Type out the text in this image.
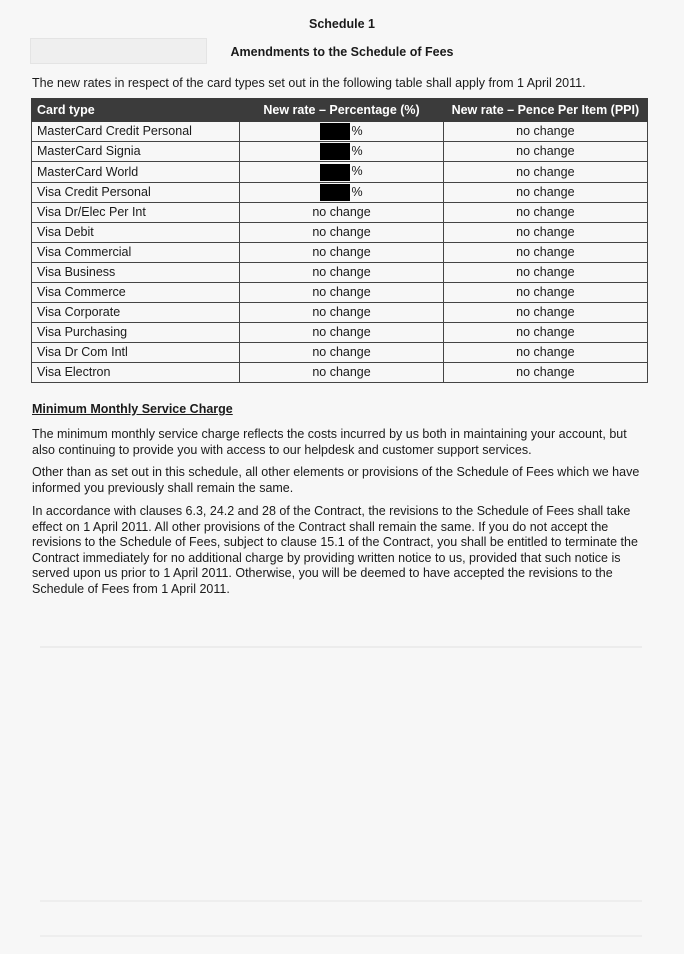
Schedule 1
Amendments to the Schedule of Fees
The new rates in respect of the card types set out in the following table shall apply from 1 April 2011.
Card type	New rate – Percentage (%)	New rate – Pence Per Item (PPI)
MasterCard Credit Personal	%	no change
MasterCard Signia	%	no change
MasterCard World	%	no change
Visa Credit Personal	%	no change
Visa Dr/Elec Per Int	no change	no change
Visa Debit	no change	no change
Visa Commercial	no change	no change
Visa Business	no change	no change
Visa Commerce	no change	no change
Visa Corporate	no change	no change
Visa Purchasing	no change	no change
Visa Dr Com Intl	no change	no change
Visa Electron	no change	no change
Minimum Monthly Service Charge
The minimum monthly service charge reflects the costs incurred by us both in maintaining your account, but also continuing to provide you with access to our helpdesk and customer support services.
Other than as set out in this schedule, all other elements or provisions of the Schedule of Fees which we have informed you previously shall remain the same.
In accordance with clauses 6.3, 24.2 and 28 of the Contract, the revisions to the Schedule of Fees shall take effect on 1 April 2011. All other provisions of the Contract shall remain the same. If you do not accept the revisions to the Schedule of Fees, subject to clause 15.1 of the Contract, you shall be entitled to terminate the Contract immediately for no additional charge by providing written notice to us, provided that such notice is served upon us prior to 1 April 2011. Otherwise, you will be deemed to have accepted the revisions to the Schedule of Fees from 1 April 2011.
